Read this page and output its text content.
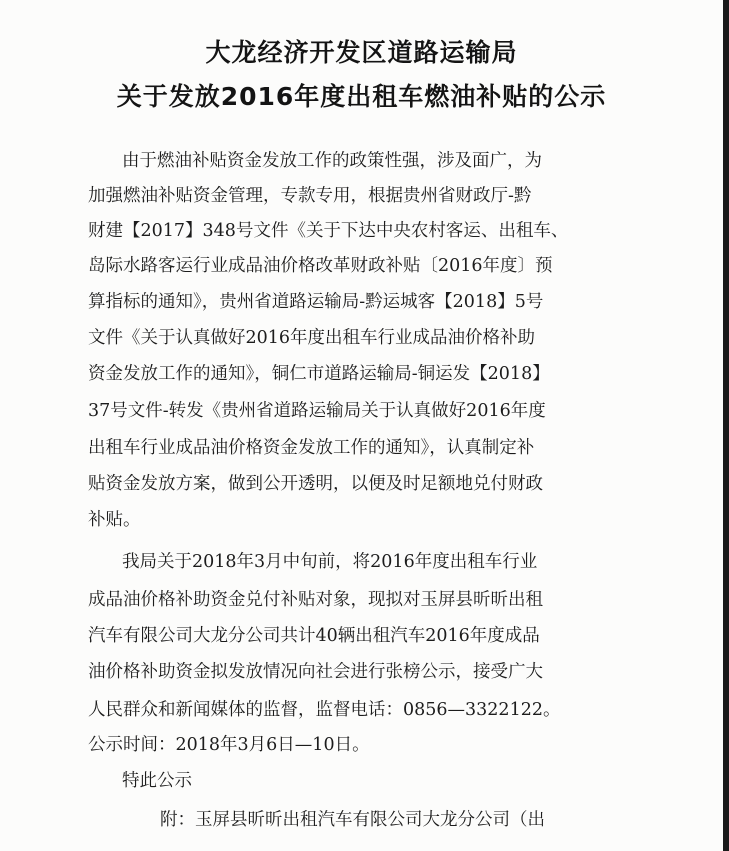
大龙经济开发区道路运输局
关于发放2016年度出租车燃油补贴的公示
由于燃油补贴资金发放工作的政策性强，涉及面广，为
加强燃油补贴资金管理，专款专用，根据贵州省财政厅-黔
财建【2017】348号文件《关于下达中央农村客运、出租车、
岛际水路客运行业成品油价格改革财政补贴〔2016年度〕预
算指标的通知》，贵州省道路运输局-黔运城客【2018】5号
文件《关于认真做好2016年度出租车行业成品油价格补助
资金发放工作的通知》，铜仁市道路运输局-铜运发【2018】
37号文件-转发《贵州省道路运输局关于认真做好2016年度
出租车行业成品油价格资金发放工作的通知》，认真制定补
贴资金发放方案，做到公开透明，以便及时足额地兑付财政
补贴。
我局关于2018年3月中旬前，将2016年度出租车行业
成品油价格补助资金兑付补贴对象，现拟对玉屏县昕昕出租
汽车有限公司大龙分公司共计40辆出租汽车2016年度成品
油价格补助资金拟发放情况向社会进行张榜公示，接受广大
人民群众和新闻媒体的监督，监督电话：0856—3322122。
公示时间：2018年3月6日—10日。
特此公示
附：玉屏县昕昕出租汽车有限公司大龙分公司（出
